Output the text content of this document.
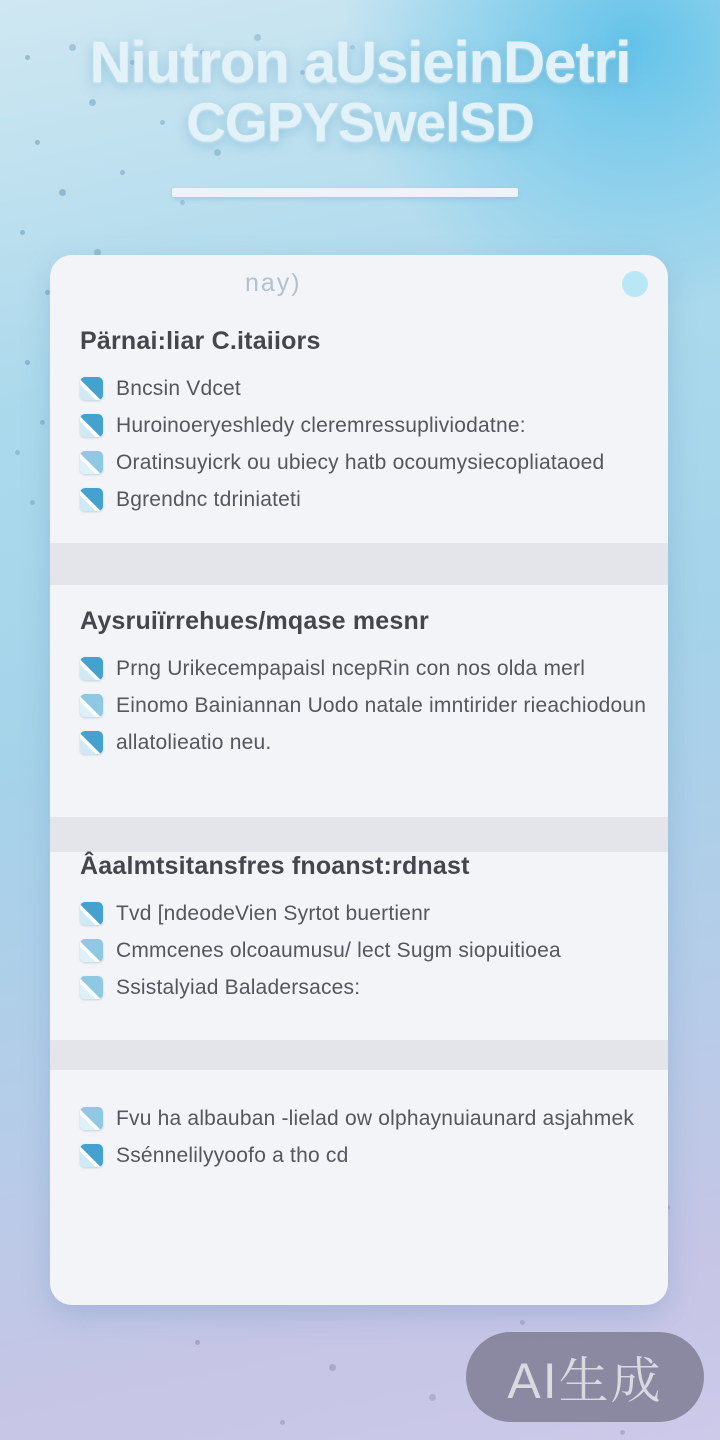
Niutron aUsieinDetri
CGPYSwelSD
nay)
Pärnai:liar C.itaiiors
Bncsin Vdcet
Huroinoeryeshledy cleremressupliviodatne:
Oratinsuyicrk ou ubiecy hatb ocoumysiecopliataoed
Bgrendnc tdriniateti
Aysruiïrrehues/mqase mesnr
Prng Urikecempapaisl ncepRin con nos olda merl
Einomo Bainiannan Uodo natale imntirider rieachiodoun
allatolieatio neu.
Âaalmtsitansfres fnoanst:rdnast
Tvd [ndeodeVien Syrtot buertienr
Cmmcenes olcoaumusu/ lect Sugm siopuitioea
Ssistalyiad Baladersaces:
Fvu ha albauban -lielad ow olphaynuiaunard asjahmek
Ssénnelilyyoofo a tho cd
AI生成
